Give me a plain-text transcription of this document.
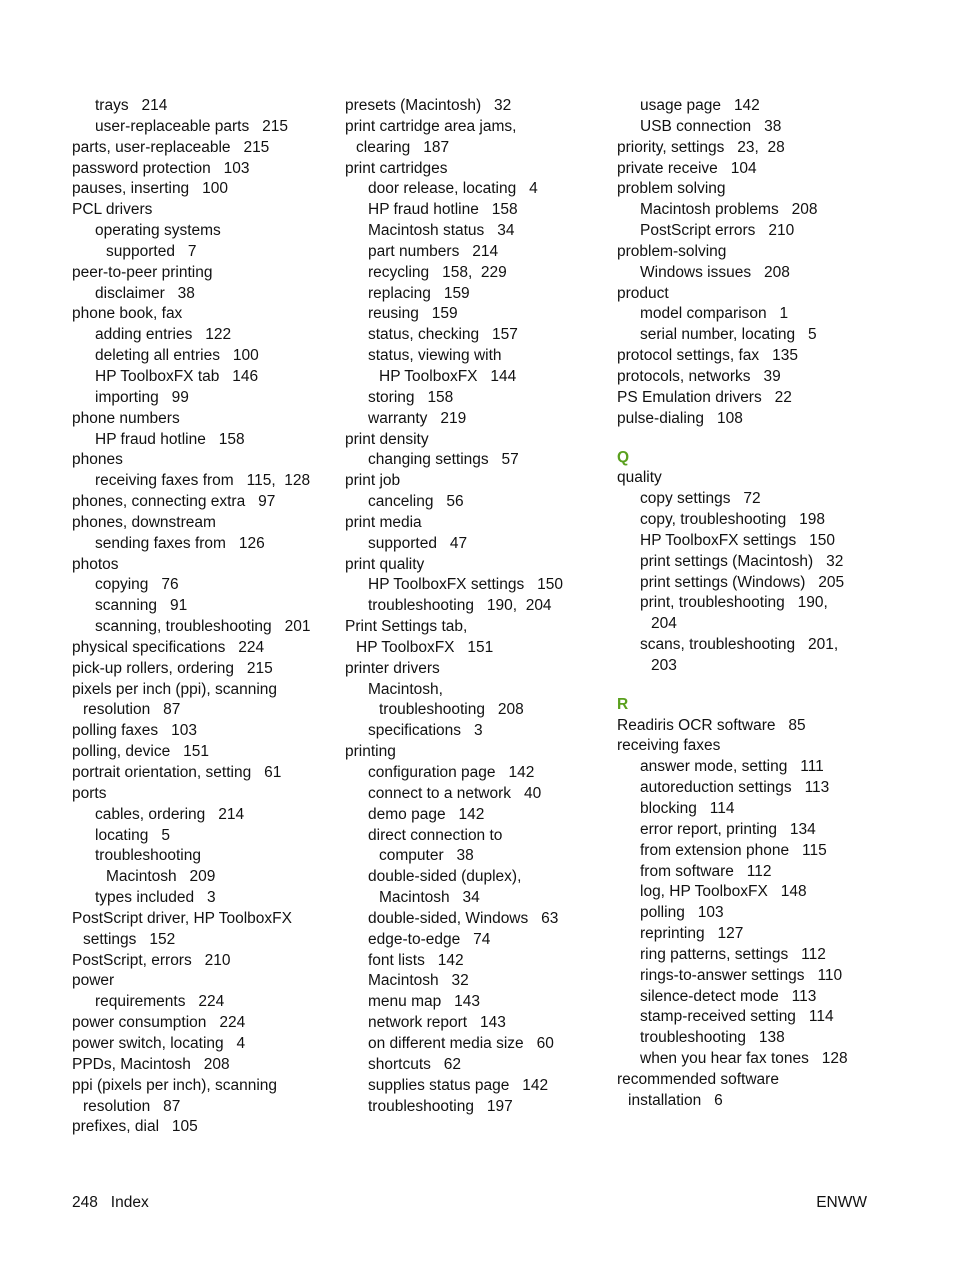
trays   214
user-replaceable parts   215
parts, user-replaceable   215
password protection   103
pauses, inserting   100
PCL drivers
operating systems
supported   7
peer-to-peer printing
disclaimer   38
phone book, fax
adding entries   122
deleting all entries   100
HP ToolboxFX tab   146
importing   99
phone numbers
HP fraud hotline   158
phones
receiving faxes from   115,  128
phones, connecting extra   97
phones, downstream
sending faxes from   126
photos
copying   76
scanning   91
scanning, troubleshooting   201
physical specifications   224
pick-up rollers, ordering   215
pixels per inch (ppi), scanning
resolution   87
polling faxes   103
polling, device   151
portrait orientation, setting   61
ports
cables, ordering   214
locating   5
troubleshooting
Macintosh   209
types included   3
PostScript driver, HP ToolboxFX
settings   152
PostScript, errors   210
power
requirements   224
power consumption   224
power switch, locating   4
PPDs, Macintosh   208
ppi (pixels per inch), scanning
resolution   87
prefixes, dial   105
presets (Macintosh)   32
print cartridge area jams,
clearing   187
print cartridges
door release, locating   4
HP fraud hotline   158
Macintosh status   34
part numbers   214
recycling   158,  229
replacing   159
reusing   159
status, checking   157
status, viewing with
HP ToolboxFX   144
storing   158
warranty   219
print density
changing settings   57
print job
canceling   56
print media
supported   47
print quality
HP ToolboxFX settings   150
troubleshooting   190,  204
Print Settings tab,
HP ToolboxFX   151
printer drivers
Macintosh,
troubleshooting   208
specifications   3
printing
configuration page   142
connect to a network   40
demo page   142
direct connection to
computer   38
double-sided (duplex),
Macintosh   34
double-sided, Windows   63
edge-to-edge   74
font lists   142
Macintosh   32
menu map   143
network report   143
on different media size   60
shortcuts   62
supplies status page   142
troubleshooting   197
usage page   142
USB connection   38
priority, settings   23,  28
private receive   104
problem solving
Macintosh problems   208
PostScript errors   210
problem-solving
Windows issues   208
product
model comparison   1
serial number, locating   5
protocol settings, fax   135
protocols, networks   39
PS Emulation drivers   22
pulse-dialing   108
Q
quality
copy settings   72
copy, troubleshooting   198
HP ToolboxFX settings   150
print settings (Macintosh)   32
print settings (Windows)   205
print, troubleshooting   190,
204
scans, troubleshooting   201,
203
R
Readiris OCR software   85
receiving faxes
answer mode, setting   111
autoreduction settings   113
blocking   114
error report, printing   134
from extension phone   115
from software   112
log, HP ToolboxFX   148
polling   103
reprinting   127
ring patterns, settings   112
rings-to-answer settings   110
silence-detect mode   113
stamp-received setting   114
troubleshooting   138
when you hear fax tones   128
recommended software
installation   6
248   Index	ENWW
